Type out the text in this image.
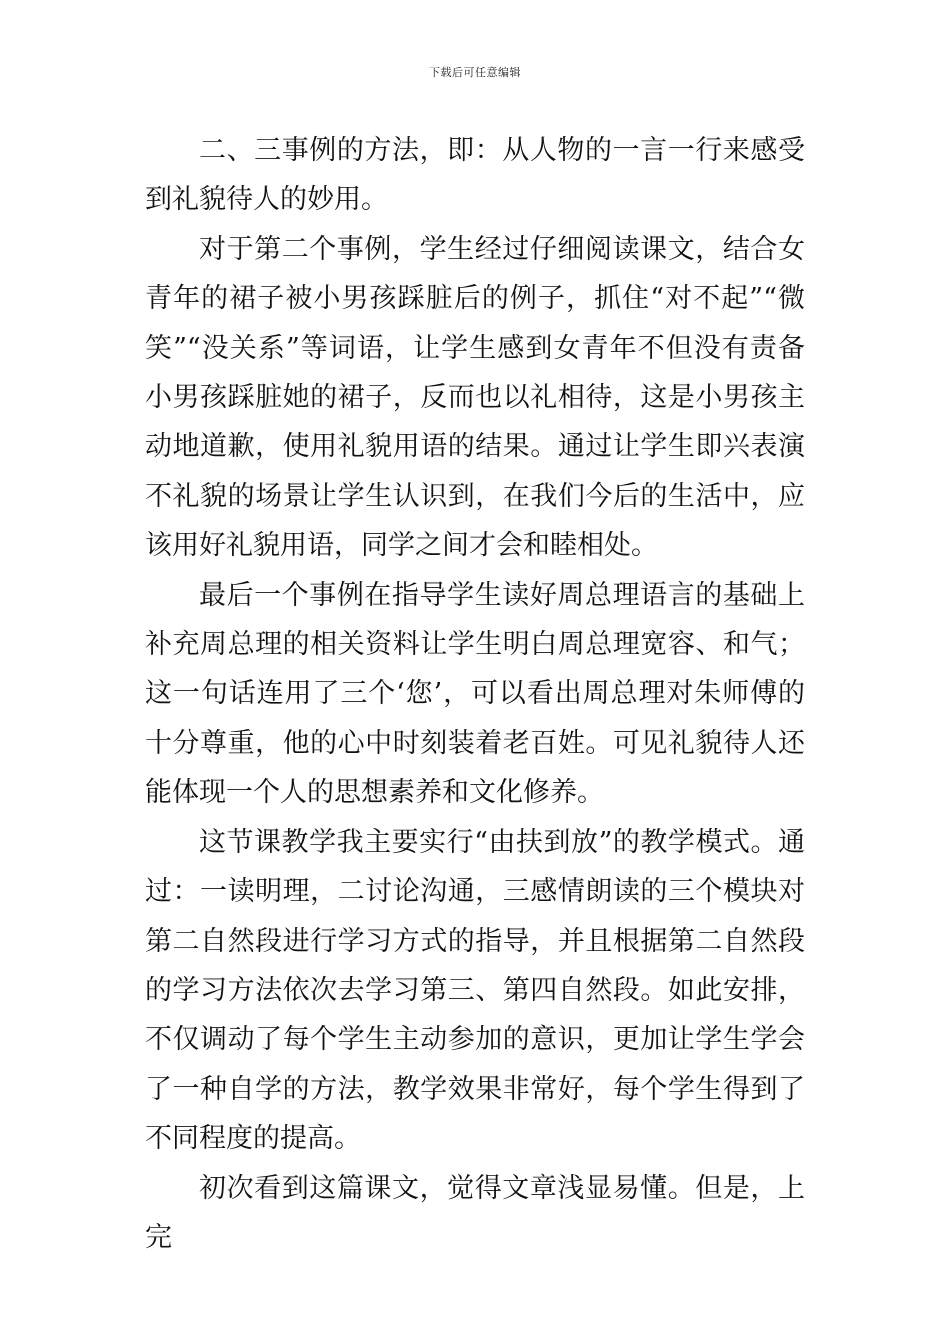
下载后可任意编辑

二、三事例的方法，即：从人物的一言一行来感受到礼貌待人的妙用。

对于第二个事例，学生经过仔细阅读课文，结合女青年的裙子被小男孩踩脏后的例子，抓住“对不起”“微笑”“没关系”等词语，让学生感到女青年不但没有责备小男孩踩脏她的裙子，反而也以礼相待，这是小男孩主动地道歉，使用礼貌用语的结果。通过让学生即兴表演不礼貌的场景让学生认识到，在我们今后的生活中，应该用好礼貌用语，同学之间才会和睦相处。

最后一个事例在指导学生读好周总理语言的基础上补充周总理的相关资料让学生明白周总理宽容、和气；这一句话连用了三个‘您’，可以看出周总理对朱师傅的十分尊重，他的心中时刻装着老百姓。可见礼貌待人还能体现一个人的思想素养和文化修养。

这节课教学我主要实行“由扶到放”的教学模式。通过：一读明理，二讨论沟通，三感情朗读的三个模块对第二自然段进行学习方式的指导，并且根据第二自然段的学习方法依次去学习第三、第四自然段。如此安排，不仅调动了每个学生主动参加的意识，更加让学生学会了一种自学的方法，教学效果非常好，每个学生得到了不同程度的提高。

初次看到这篇课文，觉得文章浅显易懂。但是，上完
